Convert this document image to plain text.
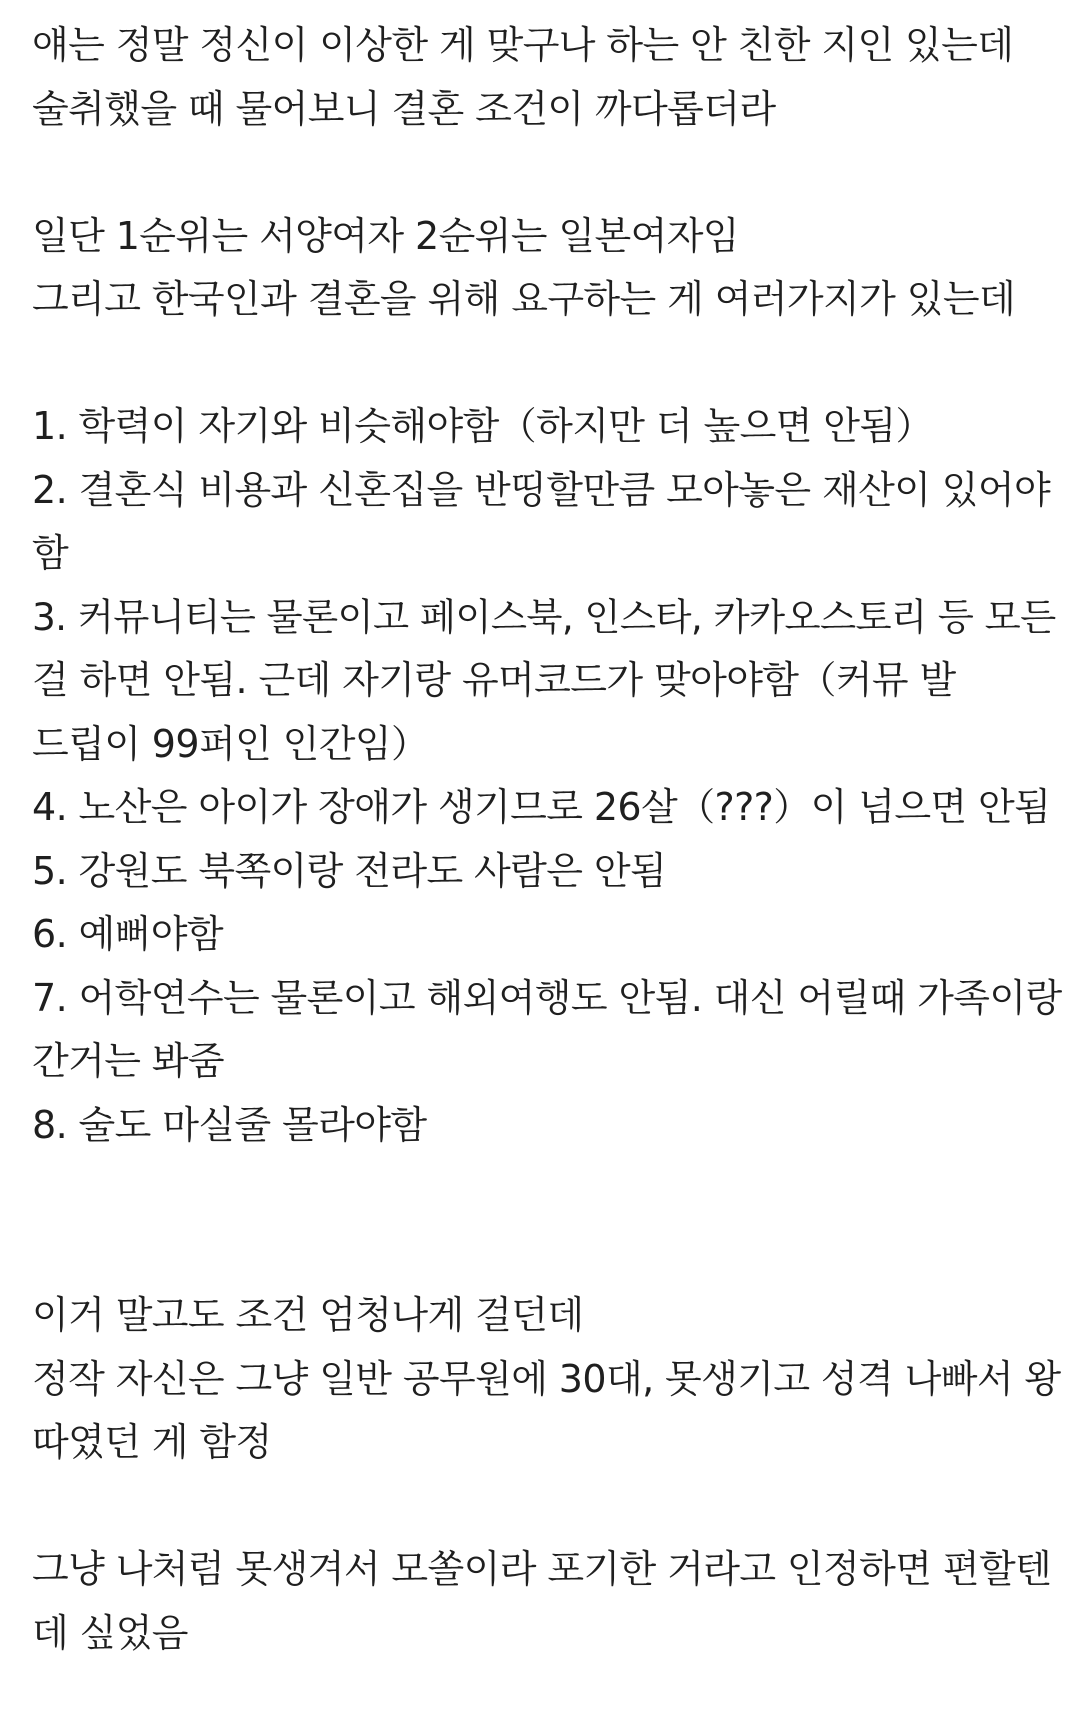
얘는 정말 정신이 이상한 게 맞구나 하는 안 친한 지인 있는데
술취했을 때 물어보니 결혼 조건이 까다롭더라
일단 1순위는 서양여자 2순위는 일본여자임
그리고 한국인과 결혼을 위해 요구하는 게 여러가지가 있는데
1. 학력이 자기와 비슷해야함（하지만 더 높으면 안됨）
2. 결혼식 비용과 신혼집을 반띵할만큼 모아놓은 재산이 있어야
함
3. 커뮤니티는 물론이고 페이스북, 인스타, 카카오스토리 등 모든
걸 하면 안됨. 근데 자기랑 유머코드가 맞아야함（커뮤 발
드립이 99퍼인 인간임）
4. 노산은 아이가 장애가 생기므로 26살（???）이 넘으면 안됨
5. 강원도 북쪽이랑 전라도 사람은 안됨
6. 예뻐야함
7. 어학연수는 물론이고 해외여행도 안됨. 대신 어릴때 가족이랑
간거는 봐줌
8. 술도 마실줄 몰라야함
이거 말고도 조건 엄청나게 걸던데
정작 자신은 그냥 일반 공무원에 30대, 못생기고 성격 나빠서 왕
따였던 게 함정
그냥 나처럼 못생겨서 모쏠이라 포기한 거라고 인정하면 편할텐
데 싶었음
